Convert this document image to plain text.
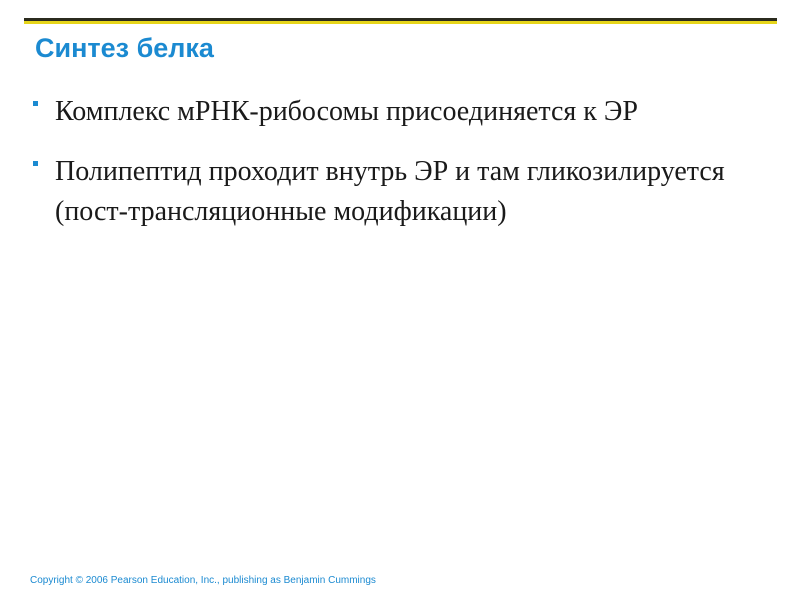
Синтез белка
Комплекс мРНК-рибосомы присоединяется к ЭР
Полипептид проходит внутрь ЭР и там гликозилируется (пост-трансляционные модификации)
Copyright © 2006 Pearson Education, Inc., publishing as Benjamin Cummings
